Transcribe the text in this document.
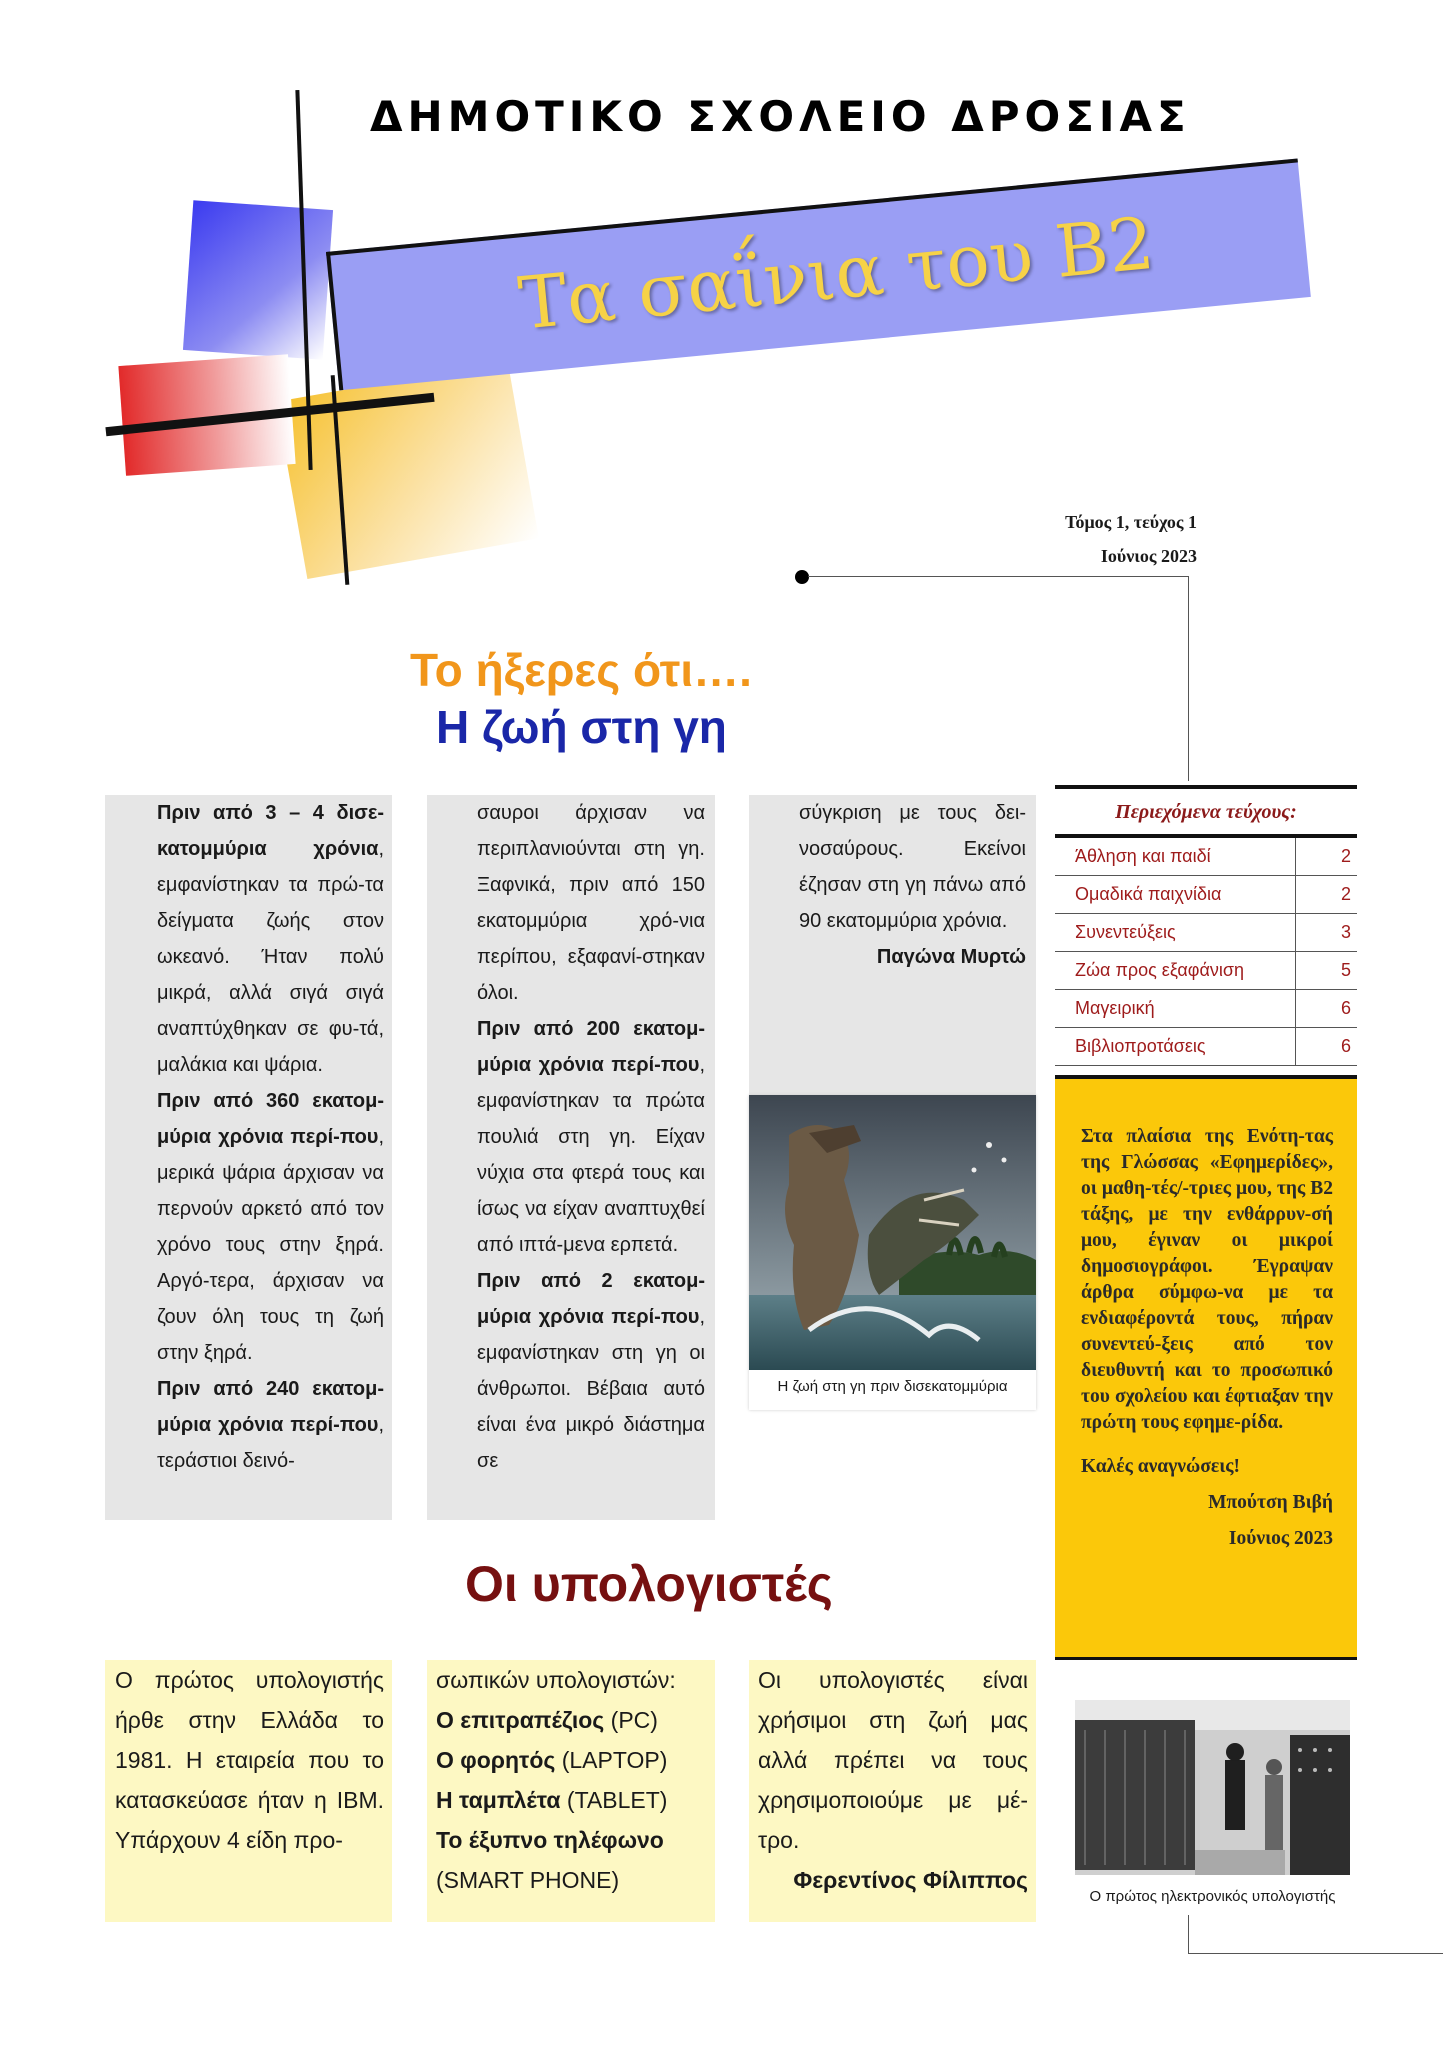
Τα σαΐνια του Β2
ΔΗΜΟΤΙΚΟ ΣΧΟΛΕΙΟ ΔΡΟΣΙΑΣ
Τόμος 1, τεύχος 1
Ιούνιος 2023
Το ήξερες ότι….
Η ζωή στη γη

Πριν από 3 – 4 δισε-κατομμύρια χρόνια, εμφανίστηκαν τα πρώ-τα δείγματα ζωής στον ωκεανό. Ήταν πολύ μικρά, αλλά σιγά σιγά αναπτύχθηκαν σε φυ-τά, μαλάκια και ψάρια.

Πριν από 360 εκατομ-μύρια χρόνια περί-που, μερικά ψάρια άρχισαν να περνούν αρκετό από τον χρόνο τους στην ξηρά. Αργό-τερα, άρχισαν να ζουν όλη τους τη ζωή στην ξηρά.

Πριν από 240 εκατομ-μύρια χρόνια περί-που, τεράστιοι δεινό-

σαυροι άρχισαν να περιπλανιούνται στη γη. Ξαφνικά, πριν από 150 εκατομμύρια χρό-νια περίπου, εξαφανί-στηκαν όλοι.

Πριν από 200 εκατομ-μύρια χρόνια περί-που, εμφανίστηκαν τα πρώτα πουλιά στη γη. Είχαν νύχια στα φτερά τους και ίσως να είχαν αναπτυχθεί από ιπτά-μενα ερπετά.

Πριν από 2 εκατομ-μύρια χρόνια περί-που, εμφανίστηκαν στη γη οι άνθρωποι. Βέβαια αυτό είναι ένα μικρό διάστημα σε

σύγκριση με τους δει-νοσαύρους. Εκείνοι έζησαν στη γη πάνω από 90 εκατομμύρια χρόνια.

Παγώνα Μυρτώ

Η ζωή στη γη πριν δισεκατομμύρια
Περιεχόμενα τεύχους:
Άθληση και παιδί	2
Ομαδικά παιχνίδια	2
Συνεντεύξεις	3
Ζώα προς εξαφάνιση	5
Μαγειρική	6
Βιβλιοπροτάσεις	6

Στα πλαίσια της Ενότη-τας της Γλώσσας «Εφημερίδες», οι μαθη-τές/-τριες μου, της Β2 τάξης, με την ενθάρρυν-σή μου, έγιναν οι μικροί δημοσιογράφοι. Έγραψαν άρθρα σύμφω-να με τα ενδιαφέροντά τους, πήραν συνεντεύ-ξεις από τον διευθυντή και το προσωπικό του σχολείου και έφτιαξαν την πρώτη τους εφημε-ρίδα.

Καλές αναγνώσεις!

Μπούτση Βιβή

Ιούνιος 2023

Ο πρώτος ηλεκτρονικός υπολογιστής
Οι υπολογιστές

Ο πρώτος υπολογιστής ήρθε στην Ελλάδα το 1981. Η εταιρεία που το κατασκεύασε ήταν η IBM. Υπάρχουν 4 είδη προ-

σωπικών υπολογιστών:

Ο επιτραπέζιος (PC)

Ο φορητός (LAPTOP)

Η ταμπλέτα (TABLET)

Το έξυπνο τηλέφωνο (SMART PHONE)

Οι υπολογιστές είναι χρήσιμοι στη ζωή μας αλλά πρέπει να τους χρησιμοποιούμε με μέ-τρο.

Φερεντίνος Φίλιππος
